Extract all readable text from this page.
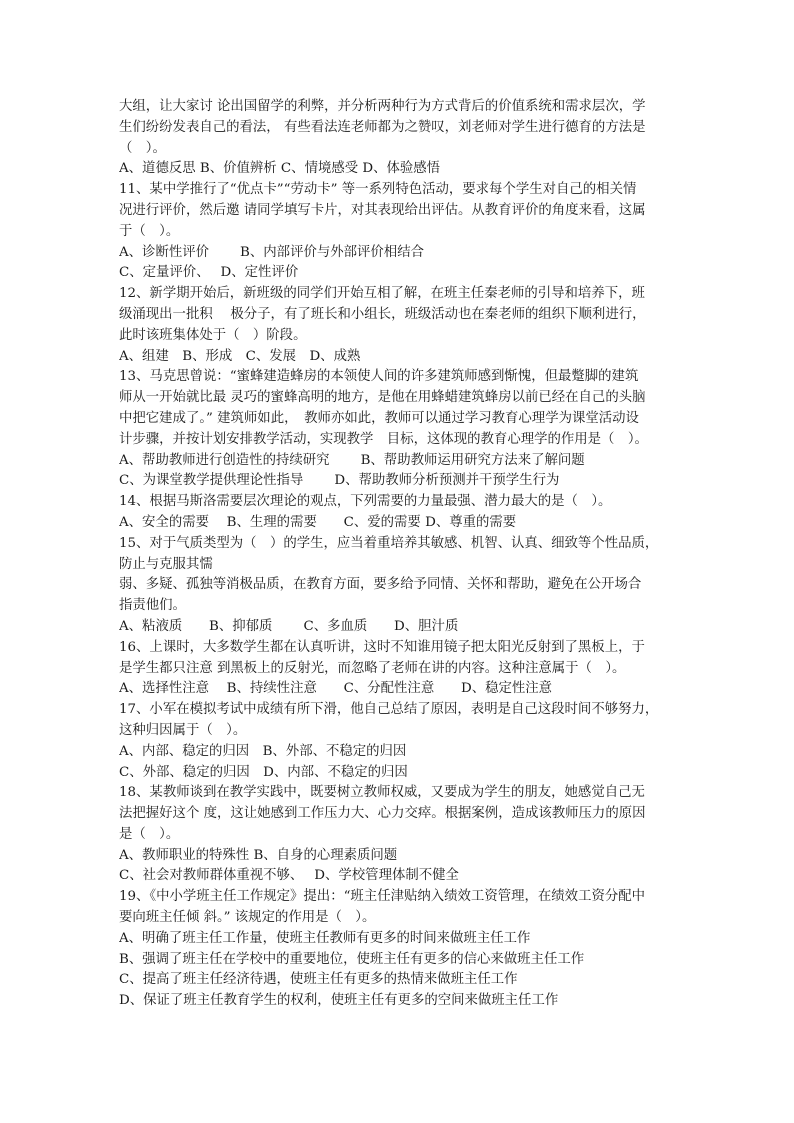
大组，让大家讨 论出国留学的利弊，并分析两种行为方式背后的价值系统和需求层次，学
生们纷纷发表自己的看法， 有些看法连老师都为之赞叹，刘老师对学生进行德育的方法是
（　）。
A、道德反思 B、价值辨析 C、情境感受 D、体验感悟
11、某中学推行了“优点卡”“劳动卡” 等一系列特色活动，要求每个学生对自己的相关情
况进行评价，然后邀 请同学填写卡片，对其表现给出评估。从教育评价的角度来看，这属
于（　）。
A、诊断性评价　　 B、内部评价与外部评价相结合
C、定量评价、　 D、定性评价
12、新学期开始后，新班级的同学们开始互相了解，在班主任秦老师的引导和培养下，班
级涌现出一批积　 极分子，有了班长和小组长，班级活动也在秦老师的组织下顺利进行，
此时该班集体处于（　）阶段。
A、组建　B、形成　C、发展　D、成熟
13、马克思曾说：“蜜蜂建造蜂房的本领使人间的许多建筑师感到惭愧，但最蹩脚的建筑
师从一开始就比最 灵巧的蜜蜂高明的地方，是他在用蜂蜡建筑蜂房以前已经在自己的头脑
中把它建成了。” 建筑师如此，　教师亦如此，教师可以通过学习教育心理学为课堂活动设
计步骤，并按计划安排教学活动，实现教学　目标，这体现的教育心理学的作用是（　）。
A、帮助教师进行创造性的持续研究　　 B、帮助教师运用研究方法来了解问题
C、为课堂教学提供理论性指导　　 D、帮助教师分析预测并干预学生行为
14、根据马斯洛需要层次理论的观点，下列需要的力量最强、潜力最大的是（　）。
A、安全的需要　 B、生理的需要　　C、爱的需要 D、尊重的需要
15、对于气质类型为（　）的学生，应当着重培养其敏感、机智、认真、细致等个性品质，
防止与克服其懦
弱、多疑、孤独等消极品质，在教育方面，要多给予同情、关怀和帮助，避免在公开场合
指责他们。
A、粘液质　　B、抑郁质　　 C、多血质　　D、胆汁质
16、上课时，大多数学生都在认真听讲，这时不知谁用镜子把太阳光反射到了黑板上，于
是学生都只注意 到黑板上的反射光，而忽略了老师在讲的内容。这种注意属于（　）。
A、选择性注意　 B、持续性注意　　C、分配性注意　　D、稳定性注意
17、小军在模拟考试中成绩有所下滑，他自己总结了原因，表明是自己这段时间不够努力，
这种归因属于（　）。
A、内部、稳定的归因　B、外部、不稳定的归因
C、外部、稳定的归因　D、内部、不稳定的归因
18、某教师谈到在教学实践中，既要树立教师权威，又要成为学生的朋友，她感觉自己无
法把握好这个 度，这让她感到工作压力大、心力交瘁。根据案例，造成该教师压力的原因
是（　）。
A、教师职业的特殊性 B、自身的心理素质问题
C、社会对教师群体重视不够、　 D、学校管理体制不健全
19、《中小学班主任工作规定》提出：“班主任津贴纳入绩效工资管理，在绩效工资分配中
要向班主任倾 斜。” 该规定的作用是（　）。
A、明确了班主任工作量，使班主任教师有更多的时间来做班主任工作
B、强调了班主任在学校中的重要地位，使班主任有更多的信心来做班主任工作
C、提高了班主任经济待遇，使班主任有更多的热情来做班主任工作
D、保证了班主任教育学生的权利，使班主任有更多的空间来做班主任工作
